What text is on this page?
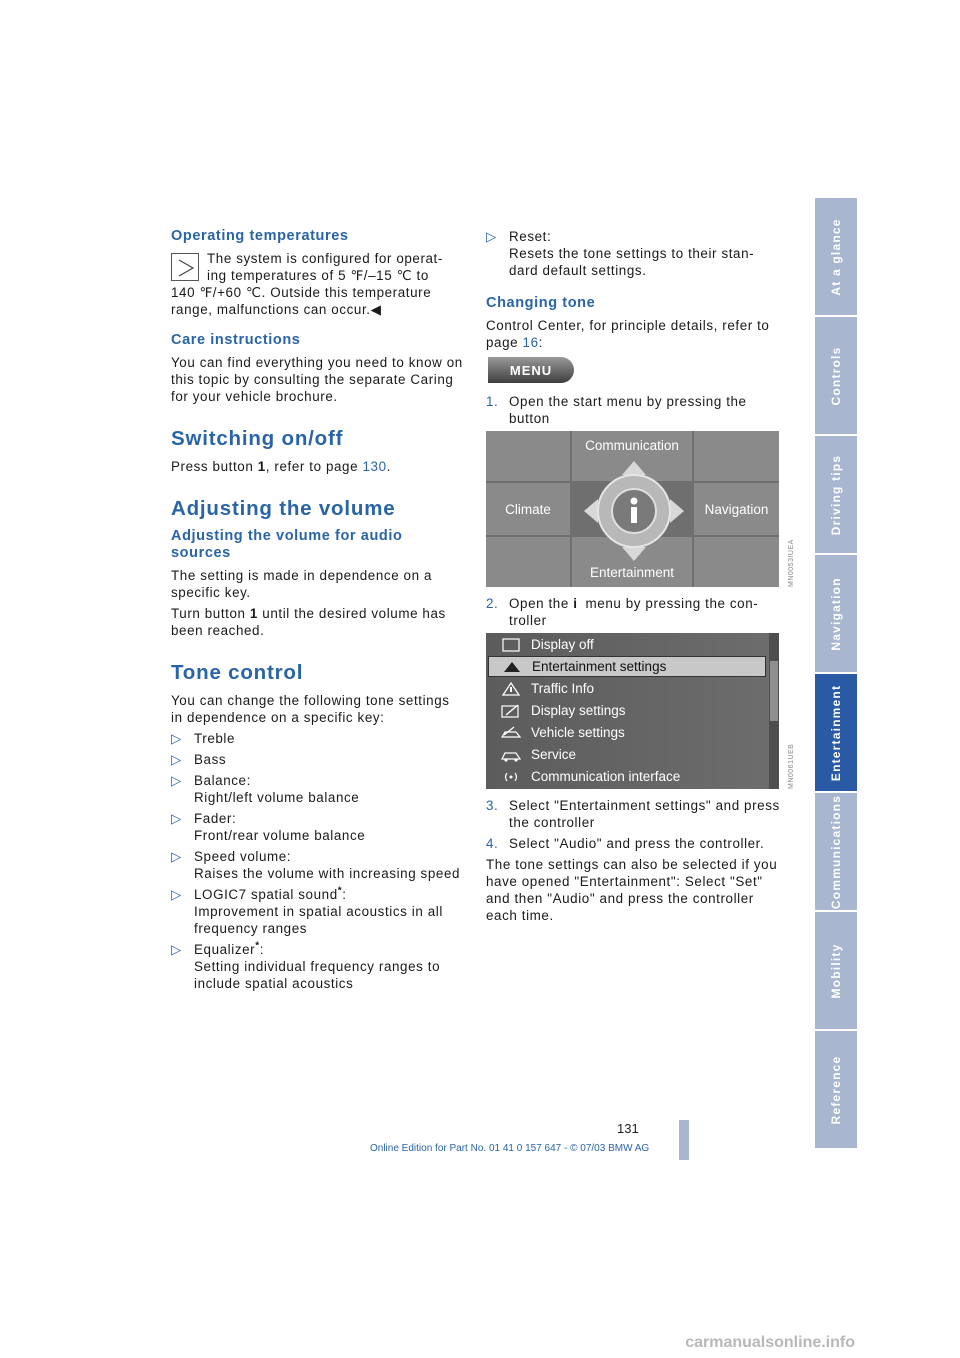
Operating temperatures

The system is configured for operat-

ing temperatures of 5 ℉/–15 ℃ to

140 ℉/+60 ℃. Outside this temperature range, malfunctions can occur.◀

Care instructions

You can find everything you need to know on this topic by consulting the separate Caring for your vehicle brochure.

Switching on/off

Press button 1, refer to page 130.

Adjusting the volume
Adjusting the volume for audio sources

The setting is made in dependence on a specific key.

Turn button 1 until the desired volume has been reached.

Tone control

You can change the following tone settings in dependence on a specific key:

▷ Treble
▷ Bass
▷ Balance:
Right/left volume balance
▷ Fader:
Front/rear volume balance
▷ Speed volume:
Raises the volume with increasing speed
▷ LOGIC7 spatial sound*:
Improvement in spatial acoustics in all frequency ranges
▷ Equalizer*:
Setting individual frequency ranges to include spatial acoustics
▷ Reset:
Resets the tone settings to their stan-dard default settings.
Changing tone

Control Center, for principle details, refer to page 16:

MENU
1. Open the start menu by pressing the button
Communication
Climate	Navigation
Entertainment	MN0053IUEA
2. Open the i menu by pressing the con-troller
Display off
Entertainment settings
Traffic Info
Display settings
Vehicle settings
Service
Communication interface	MN0061UEB
3. Select "Entertainment settings" and press the controller
4. Select "Audio" and press the controller.

The tone settings can also be selected if you have opened "Entertainment": Select "Set" and then "Audio" and press the controller each time.

At a glance
Controls
Driving tips
Navigation
Entertainment
Communications
Mobility
Reference
131
Online Edition for Part No. 01 41 0 157 647 - © 07/03 BMW AG
carmanualsonline.info
